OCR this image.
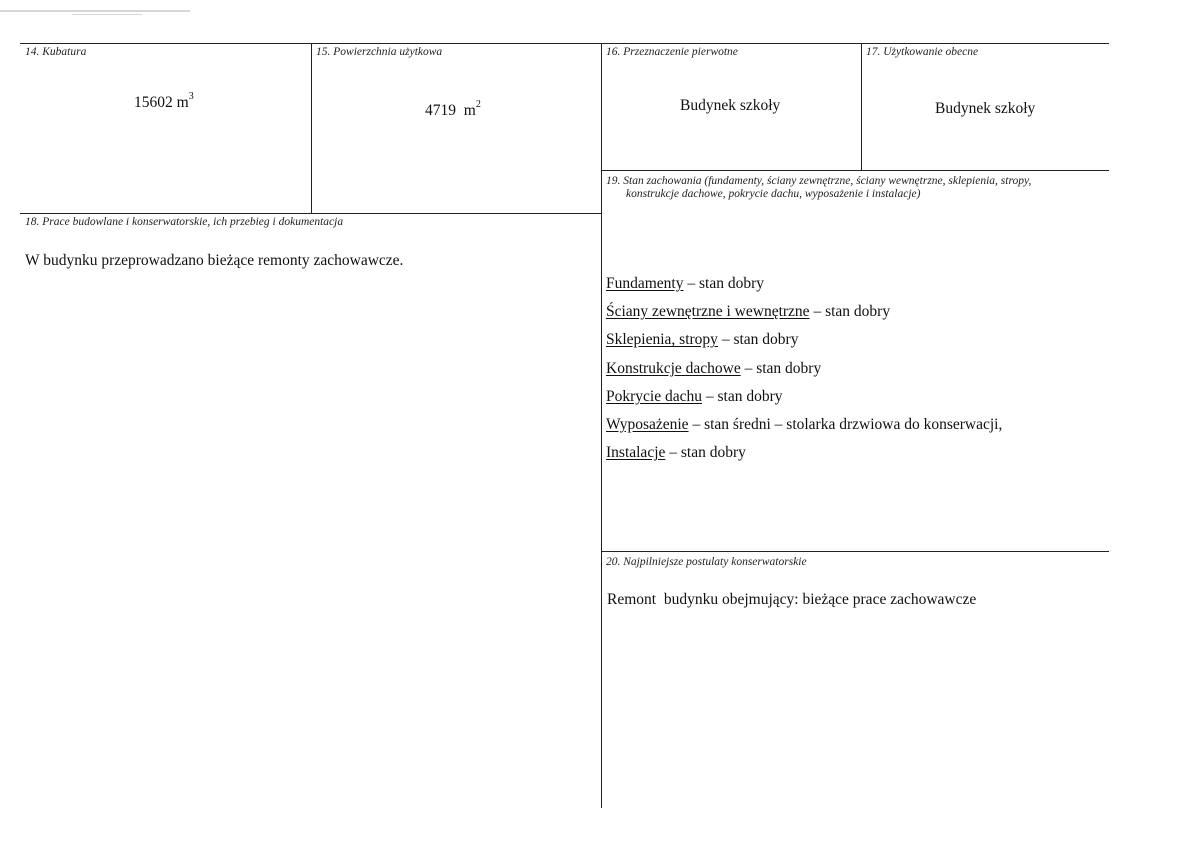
14. Kubatura
15602 $m^3$
15. Powierzchnia użytkowa
4719  $m^2$
16. Przeznaczenie pierwotne
Budynek szkoły
17. Użytkowanie obecne
Budynek szkoły
18. Prace budowlane i konserwatorskie, ich przebieg i dokumentacja
W budynku przeprowadzano bieżące remonty zachowawcze.
19. Stan zachowania (fundamenty, ściany zewnętrzne, ściany wewnętrzne, sklepienia, stropy,
konstrukcje dachowe, pokrycie dachu, wyposażenie i instalacje)
Fundamenty – stan dobry
Ściany zewnętrzne i wewnętrzne – stan dobry
Sklepienia, stropy – stan dobry
Konstrukcje dachowe – stan dobry
Pokrycie dachu – stan dobry
Wyposażenie – stan średni – stolarka drzwiowa do konserwacji,
Instalacje – stan dobry
20. Najpilniejsze postulaty konserwatorskie
Remont  budynku obejmujący: bieżące prace zachowawcze
